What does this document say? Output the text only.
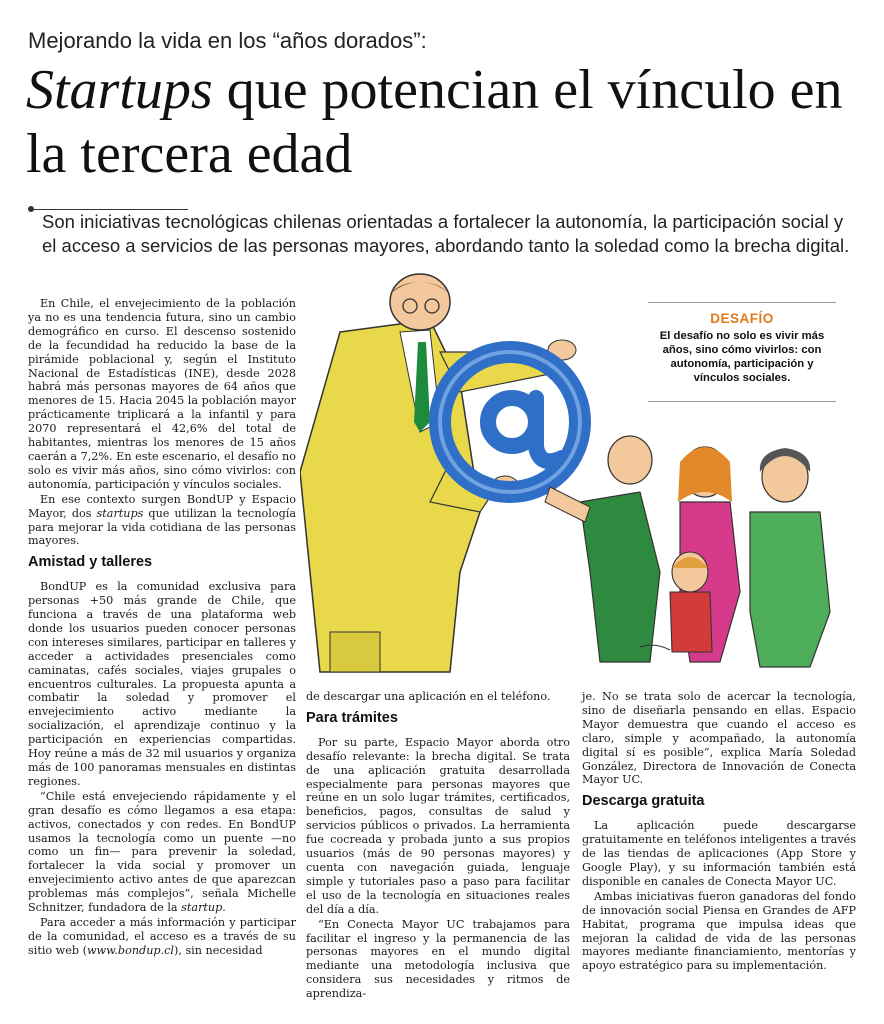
Mejorando la vida en los “años dorados”:
Startups que potencian el vínculo en la tercera edad
Son iniciativas tecnológicas chilenas orientadas a fortalecer la autonomía, la participación social y el acceso a servicios de las personas mayores, abordando tanto la soledad como la brecha digital.
DESAFÍO
El desafío no solo es vivir más años, sino cómo vivirlos: con autonomía, participación y vínculos sociales.

En Chile, el envejecimiento de la población ya no es una tendencia futura, sino un cambio demográfico en curso. El descenso sostenido de la fecundidad ha reducido la base de la pirámide poblacional y, según el Instituto Nacional de Estadísticas (INE), desde 2028 habrá más personas mayores de 64 años que menores de 15. Hacia 2045 la población mayor prácticamente triplicará a la infantil y para 2070 representará el 42,6% del total de habitantes, mientras los menores de 15 años caerán a 7,2%. En este escenario, el desafío no solo es vivir más años, sino cómo vivirlos: con autonomía, participación y vínculos sociales.

En ese contexto surgen BondUP y Espacio Mayor, dos startups que utilizan la tecnología para mejorar la vida cotidiana de las personas mayores.

Amistad y talleres

BondUP es la comunidad exclusiva para personas +50 más grande de Chile, que funciona a través de una plataforma web donde los usuarios pueden conocer personas con intereses similares, participar en talleres y acceder a actividades presenciales como caminatas, cafés sociales, viajes grupales o encuentros culturales. La propuesta apunta a combatir la soledad y promover el envejecimiento activo mediante la socialización, el aprendizaje continuo y la participación en experiencias compartidas. Hoy reúne a más de 32 mil usuarios y organiza más de 100 panoramas mensuales en distintas regiones.

“Chile está envejeciendo rápidamente y el gran desafío es cómo llegamos a esa etapa: activos, conectados y con redes. En BondUP usamos la tecnología como un puente —no como un fin— para prevenir la soledad, fortalecer la vida social y promover un envejecimiento activo antes de que aparezcan problemas más complejos”, señala Michelle Schnitzer, fundadora de la startup.

Para acceder a más información y participar de la comunidad, el acceso es a través de su sitio web (www.bondup.cl), sin necesidad

de descargar una aplicación en el teléfono.

Para trámites

Por su parte, Espacio Mayor aborda otro desafío relevante: la brecha digital. Se trata de una aplicación gratuita desarrollada especialmente para personas mayores que reúne en un solo lugar trámites, certificados, beneficios, pagos, consultas de salud y servicios públicos o privados. La herramienta fue cocreada y probada junto a sus propios usuarios (más de 90 personas mayores) y cuenta con navegación guiada, lenguaje simple y tutoriales paso a paso para facilitar el uso de la tecnología en situaciones reales del día a día.

“En Conecta Mayor UC trabajamos para facilitar el ingreso y la permanencia de las personas mayores en el mundo digital mediante una metodología inclusiva que considera sus necesidades y ritmos de aprendiza-

je. No se trata solo de acercar la tecnología, sino de diseñarla pensando en ellas. Espacio Mayor demuestra que cuando el acceso es claro, simple y acompañado, la autonomía digital sí es posible”, explica María Soledad González, Directora de Innovación de Conecta Mayor UC.

Descarga gratuita

La aplicación puede descargarse gratuitamente en teléfonos inteligentes a través de las tiendas de aplicaciones (App Store y Google Play), y su información también está disponible en canales de Conecta Mayor UC.

Ambas iniciativas fueron ganadoras del fondo de innovación social Piensa en Grandes de AFP Habitat, programa que impulsa ideas que mejoran la calidad de vida de las personas mayores mediante financiamiento, mentorías y apoyo estratégico para su implementación.
